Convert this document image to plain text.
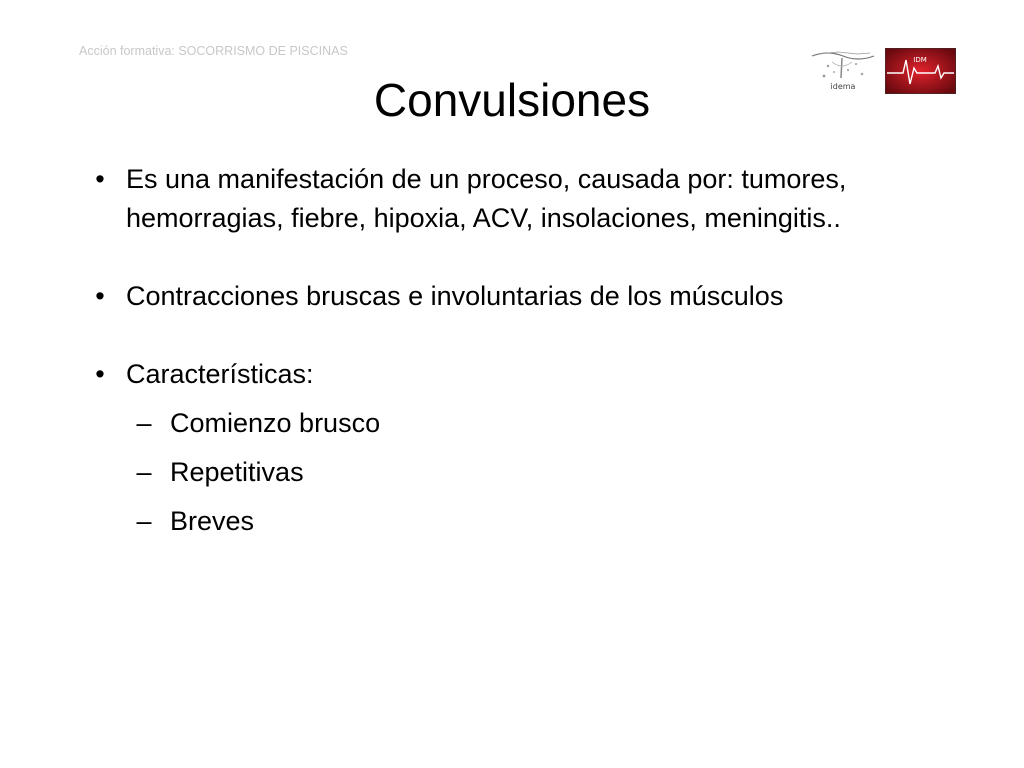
Acción formativa: SOCORRISMO DE PISCINAS
idema
IDM
Convulsiones

• Es una manifestación de un proceso, causada por: tumores, hemorragias, fiebre, hipoxia, ACV, insolaciones, meningitis..

• Contracciones bruscas e involuntarias de los músculos

• Características:

– Comienzo brusco

– Repetitivas

– Breves
